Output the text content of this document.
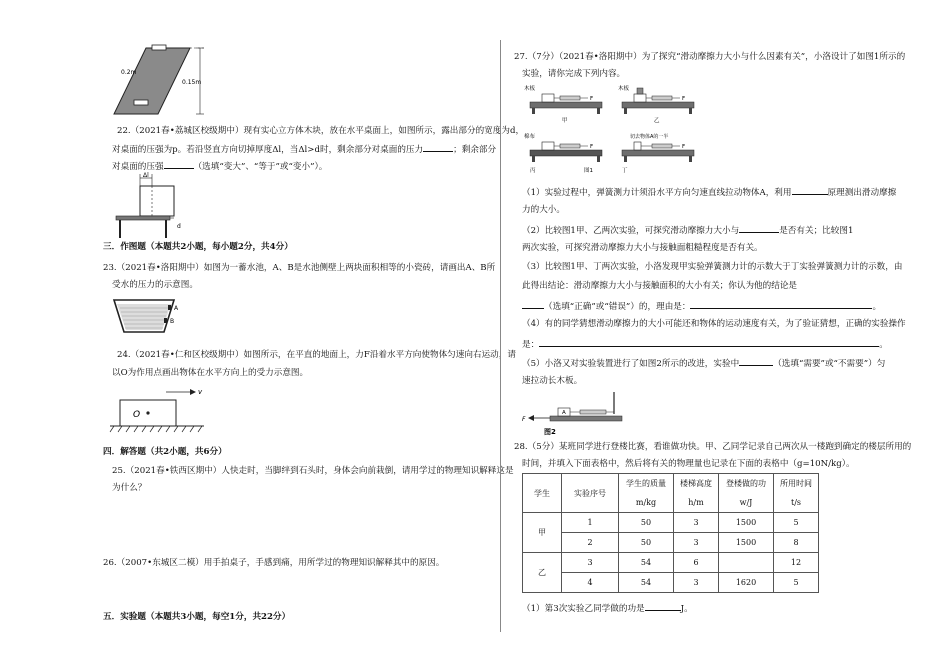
0.2m
0.15m
22.（2021春•荔城区校级期中）现有实心立方体木块，放在水平桌面上，如图所示，露出部分的宽度为d，
对桌面的压强为p。若沿竖直方向切掉厚度Δl，当Δl>d时，剩余部分对桌面的压力	；剩余部分
对桌面的压强	（选填“变大”、“等于”或“变小”）。
Δl
d
三．作图题（本题共2小题，每小题2分，共4分）
23.（2021春•洛阳期中）如图为一蓄水池，A、B是水池侧壁上两块面积相等的小瓷砖，请画出A、B所
受水的压力的示意图。
A
B
24.（2021春•仁和区校级期中）如图所示，在平直的地面上，力F沿着水平方向使物体匀速向右运动，请
以O为作用点画出物体在水平方向上的受力示意图。
v
O
四．解答题（共2小题，共6分）
25.（2021春•铁西区期中）人快走时，当脚绊到石头时，身体会向前栽倒，请用学过的物理知识解释这是
为什么？
26.（2007•东城区二模）用手拍桌子，手感到痛，用所学过的物理知识解释其中的原因。
五．实验题（本题共3小题，每空1分，共22分）
27.（7分）（2021春•洛阳期中）为了探究“滑动摩擦力大小与什么因素有关”，小洛设计了如图1所示的
实验，请你完成下列内容。
木板
F
甲
木板
F
乙
棉布
F
丙	图1
切去物体A的一半
F
丁
（1）实验过程中，弹簧测力计须沿水平方向匀速直线拉动物体A，利用	原理测出滑动摩擦
力的大小。
（2）比较图1甲、乙两次实验，可探究滑动摩擦力大小与	是否有关；比较图1
两次实验，可探究滑动摩擦力大小与接触面粗糙程度是否有关。
（3）比较图1甲、丁两次实验，小洛发现甲实验弹簧测力计的示数大于丁实验弹簧测力计的示数，由
此得出结论：滑动摩擦力大小与接触面积的大小有关；你认为他的结论是
（选填“正确”或“错误”）的，理由是：	。
（4）有的同学猜想滑动摩擦力的大小可能还和物体的运动速度有关，为了验证猜想，正确的实验操作
是：	。
（5）小洛又对实验装置进行了如图2所示的改进，实验中	（选填“需要”或“不需要”）匀
速拉动长木板。
A
F
图2
28.（5分）某班同学进行登楼比赛，看谁做功快。甲、乙同学记录自己两次从一楼跑到确定的楼层所用的
时间，并填入下面表格中，然后将有关的物理量也记录在下面的表格中（g=10N/kg）。
学生	实验序号	学生的质量	楼梯高度	登楼做的功	所用时间
		m/kg	h/m	w/J	t/s
甲	1	50	3	1500	5
	2	50	3	1500	8
乙	3	54	6		12
	4	54	3	1620	5
（1）第3次实验乙同学做的功是	J。
